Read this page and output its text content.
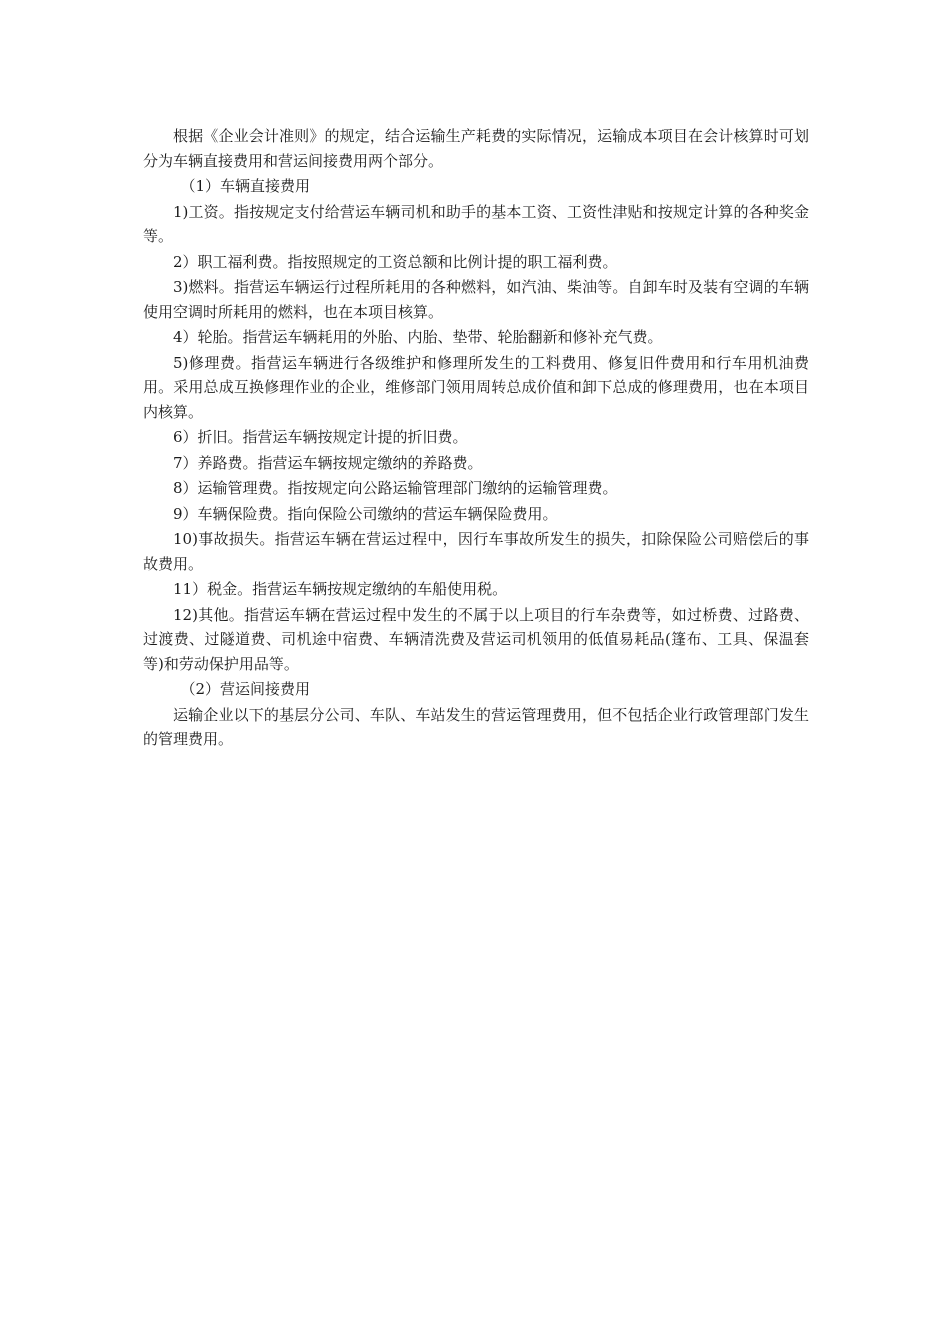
根据《企业会计准则》的规定，结合运输生产耗费的实际情况，运输成本项目在会计核算时可划分为车辆直接费用和营运间接费用两个部分。

（1）车辆直接费用

1)工资。指按规定支付给营运车辆司机和助手的基本工资、工资性津贴和按规定计算的各种奖金等。

2）职工福利费。指按照规定的工资总额和比例计提的职工福利费。

3)燃料。指营运车辆运行过程所耗用的各种燃料，如汽油、柴油等。自卸车时及装有空调的车辆使用空调时所耗用的燃料，也在本项目核算。

4）轮胎。指营运车辆耗用的外胎、内胎、垫带、轮胎翻新和修补充气费。

5)修理费。指营运车辆进行各级维护和修理所发生的工料费用、修复旧件费用和行车用机油费用。采用总成互换修理作业的企业，维修部门领用周转总成价值和卸下总成的修理费用，也在本项目内核算。

6）折旧。指营运车辆按规定计提的折旧费。

7）养路费。指营运车辆按规定缴纳的养路费。

8）运输管理费。指按规定向公路运输管理部门缴纳的运输管理费。

9）车辆保险费。指向保险公司缴纳的营运车辆保险费用。

10)事故损失。指营运车辆在营运过程中，因行车事故所发生的损失，扣除保险公司赔偿后的事故费用。

11）税金。指营运车辆按规定缴纳的车船使用税。

12)其他。指营运车辆在营运过程中发生的不属于以上项目的行车杂费等，如过桥费、过路费、过渡费、过隧道费、司机途中宿费、车辆清洗费及营运司机领用的低值易耗品(篷布、工具、保温套等)和劳动保护用品等。

（2）营运间接费用

运输企业以下的基层分公司、车队、车站发生的营运管理费用，但不包括企业行政管理部门发生的管理费用。
